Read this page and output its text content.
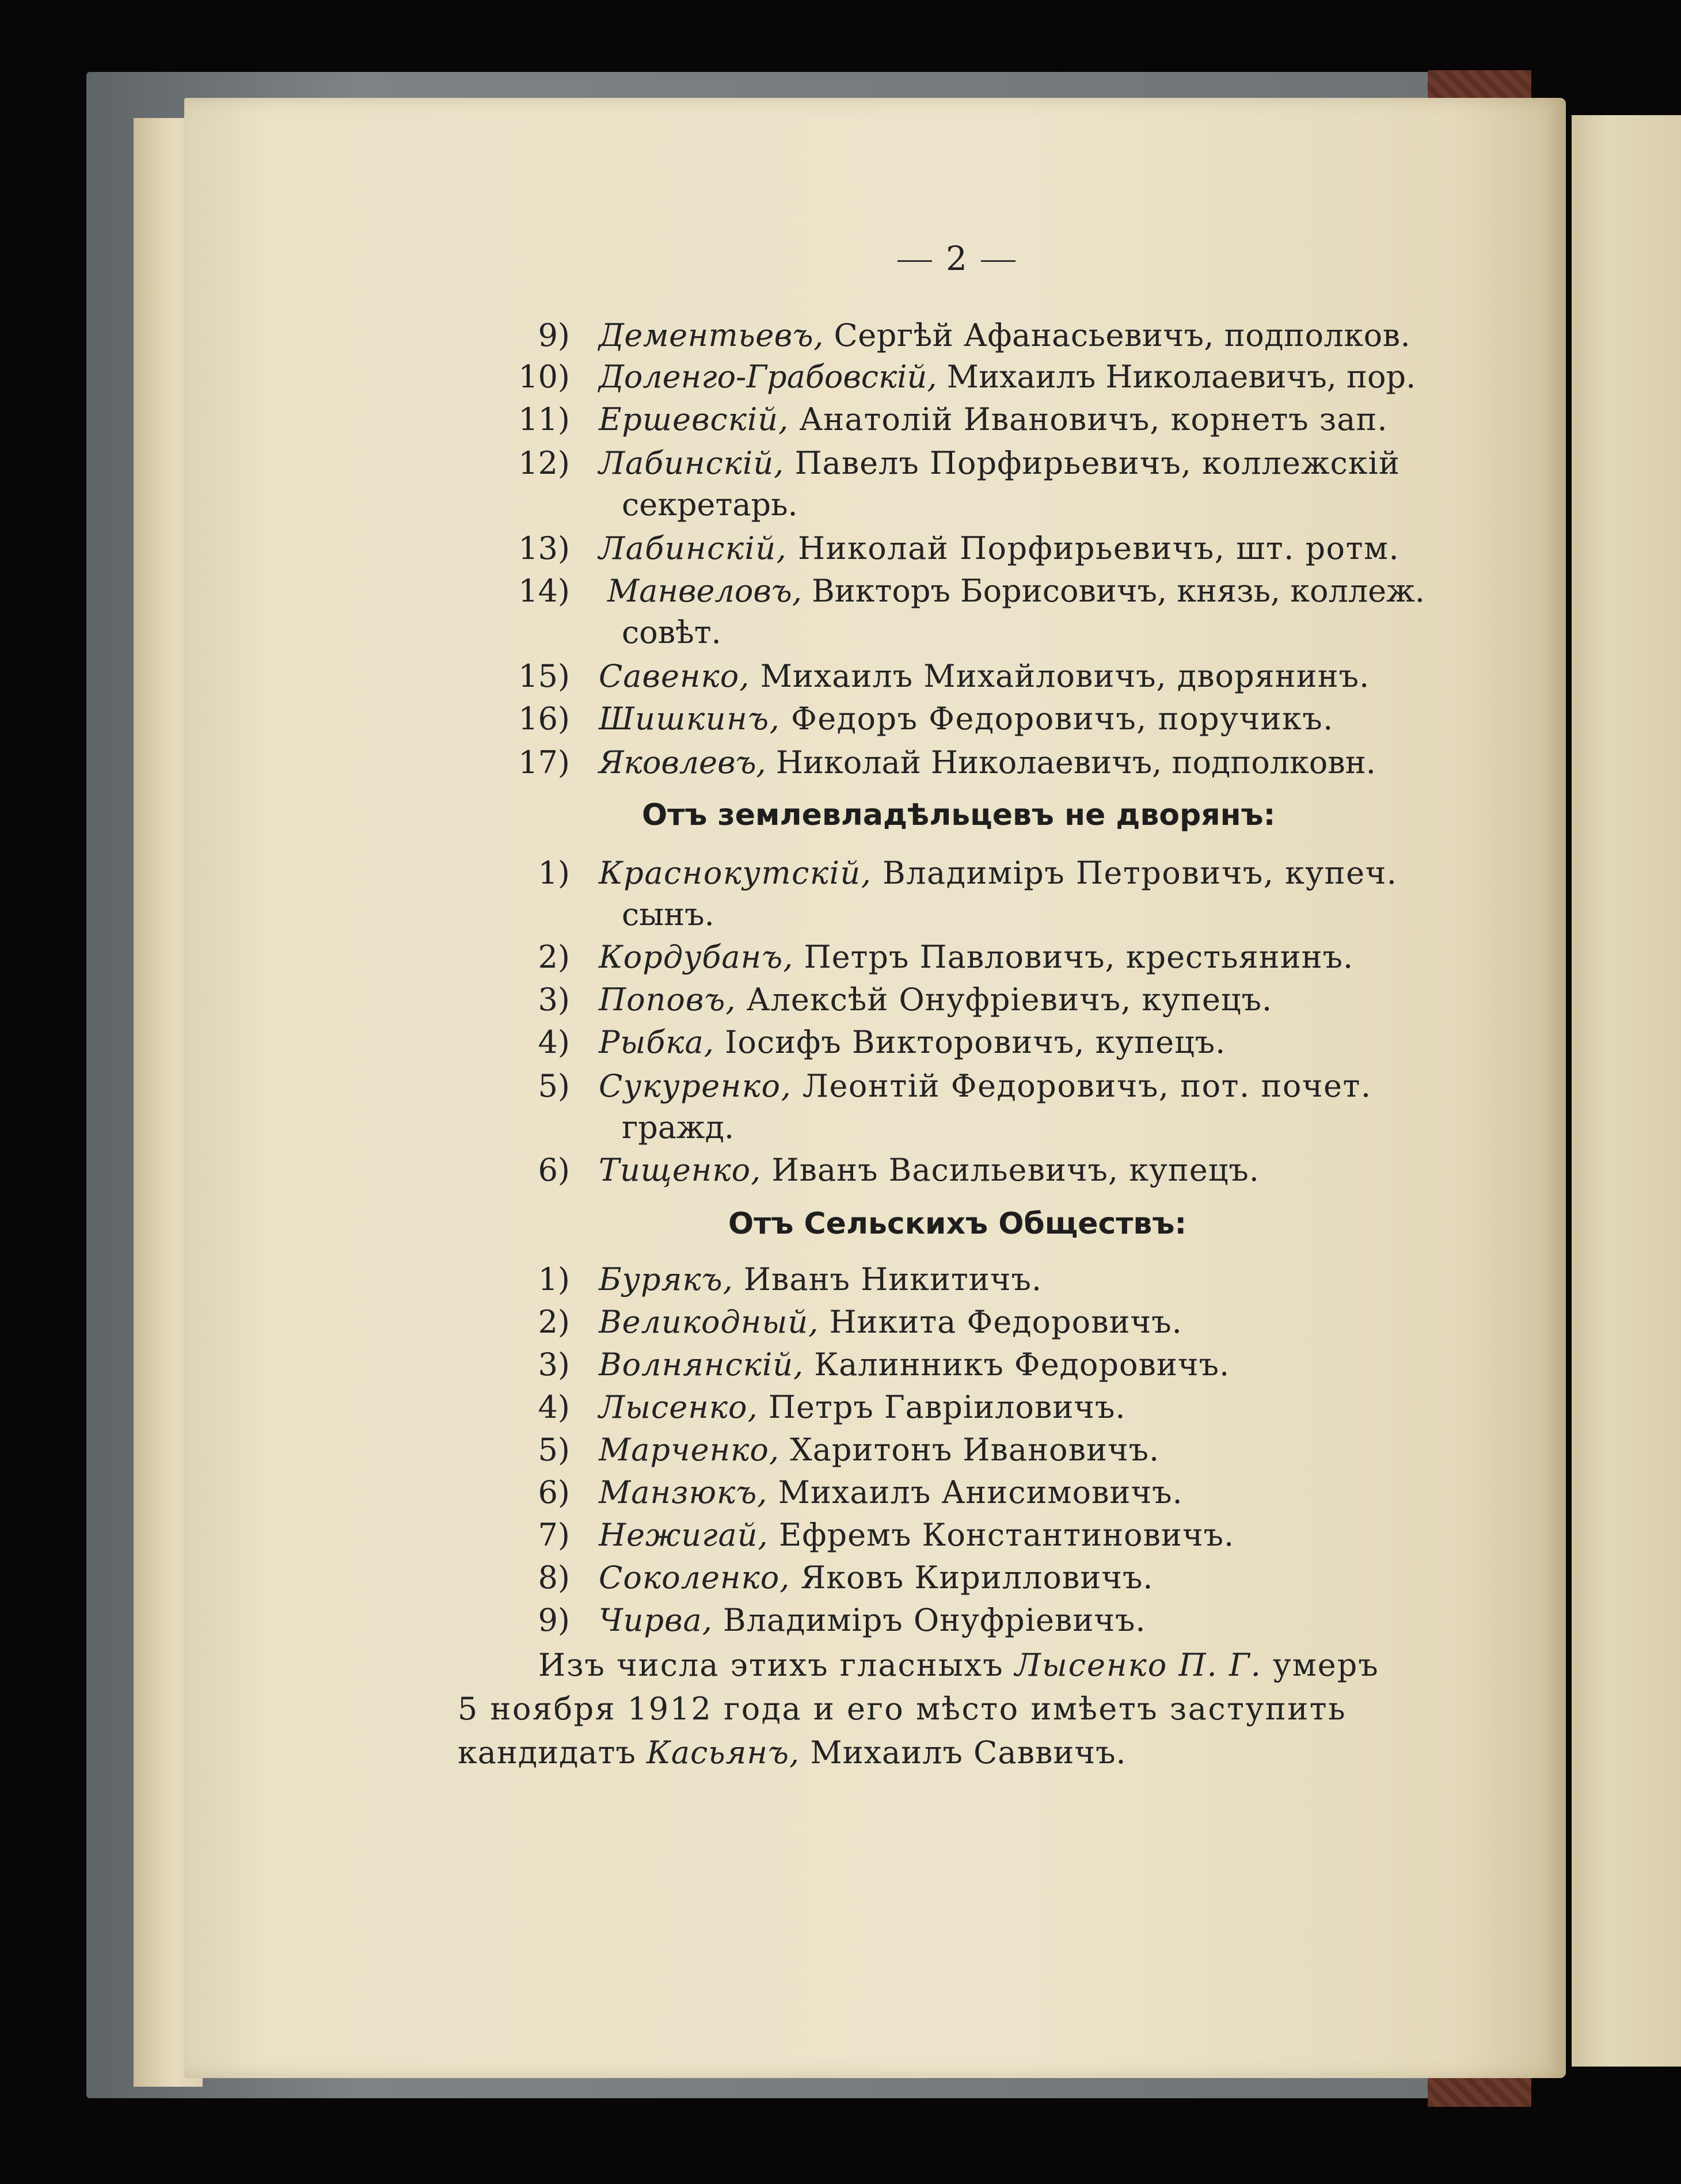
2
9) Дементьевъ, Сергѣй Афанасьевичъ, подполков.
10) Доленго-Грабовскій, Михаилъ Николаевичъ, пор.
11) Ершевскій, Анатолій Ивановичъ, корнетъ зап.
12) Лабинскій, Павелъ Порфирьевичъ, коллежскій
секретарь.
13) Лабинскій, Николай Порфирьевичъ, шт. ротм.
14) Манвеловъ, Викторъ Борисовичъ, князь, коллеж.
совѣт.
15) Савенко, Михаилъ Михайловичъ, дворянинъ.
16) Шишкинъ, Федоръ Федоровичъ, поручикъ.
17) Яковлевъ, Николай Николаевичъ, подполковн.
Отъ землевладѣльцевъ не дворянъ:
1) Краснокутскій, Владиміръ Петровичъ, купеч.
сынъ.
2) Кордубанъ, Петръ Павловичъ, крестьянинъ.
3) Поповъ, Алексѣй Онуфріевичъ, купецъ.
4) Рыбка, Іосифъ Викторовичъ, купецъ.
5) Сукуренко, Леонтій Федоровичъ, пот. почет.
гражд.
6) Тищенко, Иванъ Васильевичъ, купецъ.
Отъ Сельскихъ Обществъ:
1) Бурякъ, Иванъ Никитичъ.
2) Великодный, Никита Федоровичъ.
3) Волнянскій, Калинникъ Федоровичъ.
4) Лысенко, Петръ Гавріиловичъ.
5) Марченко, Харитонъ Ивановичъ.
6) Манзюкъ, Михаилъ Анисимовичъ.
7) Нежигай, Ефремъ Константиновичъ.
8) Соколенко, Яковъ Кирилловичъ.
9) Чирва, Владиміръ Онуфріевичъ.
Изъ числа этихъ гласныхъ Лысенко П. Г. умеръ
5 ноября 1912 года и его мѣсто имѣетъ заступить
кандидатъ Касьянъ, Михаилъ Саввичъ.
